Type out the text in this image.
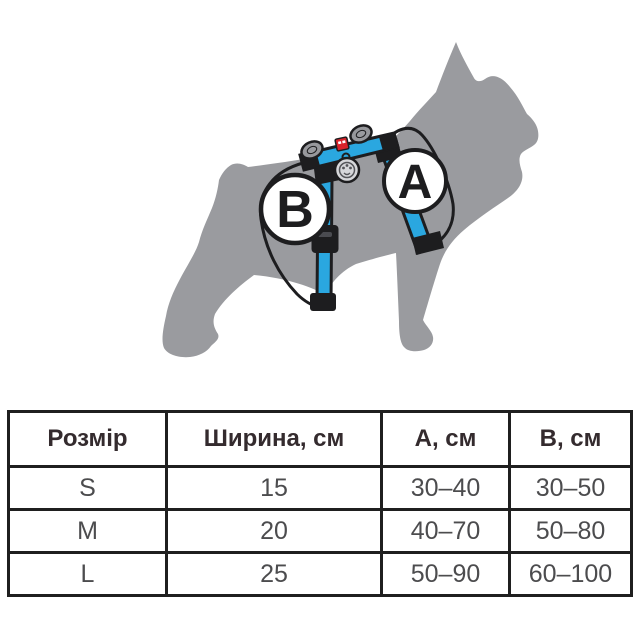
B A
Розмір	Ширина, см	А, см	В, см
S	15	30–40	30–50
M	20	40–70	50–80
L	25	50–90	60–100
